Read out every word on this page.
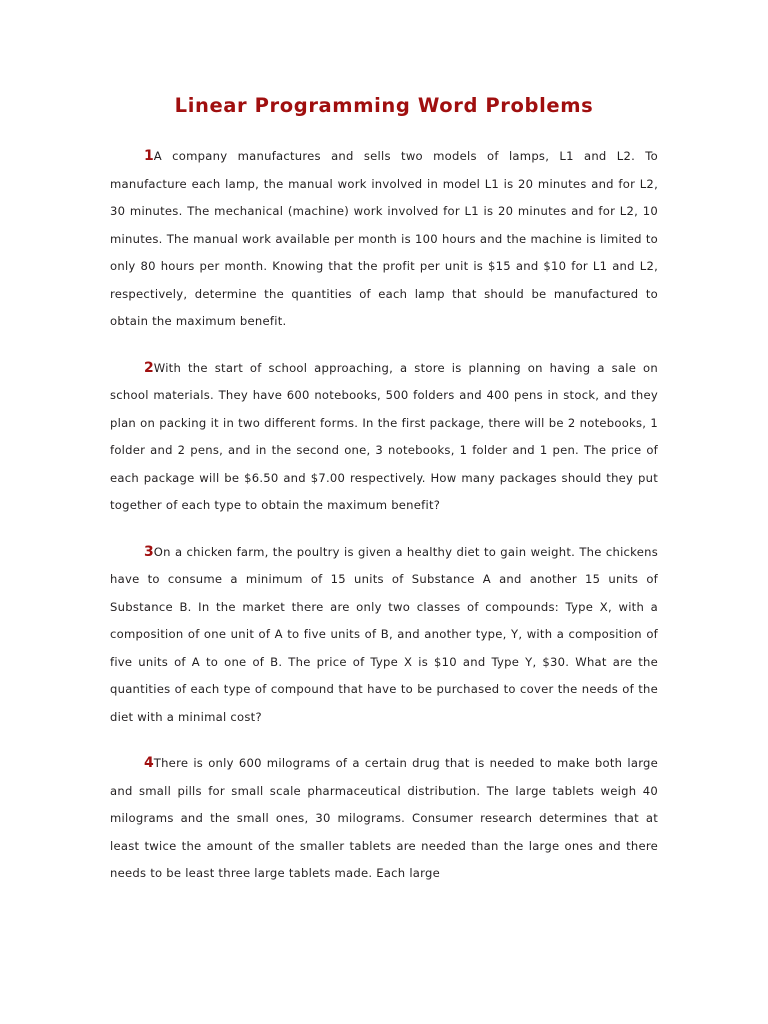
Linear Programming Word Problems

1A company manufactures and sells two models of lamps, L1 and L2. To manufacture each lamp, the manual work involved in model L1 is 20 minutes and for L2, 30 minutes. The mechanical (machine) work involved for L1 is 20 minutes and for L2, 10 minutes. The manual work available per month is 100 hours and the machine is limited to only 80 hours per month. Knowing that the profit per unit is $15 and $10 for L1 and L2, respectively, determine the quantities of each lamp that should be manufactured to obtain the maximum benefit.

2With the start of school approaching, a store is planning on having a sale on school materials. They have 600 notebooks, 500 folders and 400 pens in stock, and they plan on packing it in two different forms. In the first package, there will be 2 notebooks, 1 folder and 2 pens, and in the second one, 3 notebooks, 1 folder and 1 pen. The price of each package will be $6.50 and $7.00 respectively. How many packages should they put together of each type to obtain the maximum benefit?

3On a chicken farm, the poultry is given a healthy diet to gain weight. The chickens have to consume a minimum of 15 units of Substance A and another 15 units of Substance B. In the market there are only two classes of compounds: Type X, with a composition of one unit of A to five units of B, and another type, Y, with a composition of five units of A to one of B. The price of Type X is $10 and Type Y, $30. What are the quantities of each type of compound that have to be purchased to cover the needs of the diet with a minimal cost?

4There is only 600 milograms of a certain drug that is needed to make both large and small pills for small scale pharmaceutical distribution. The large tablets weigh 40 milograms and the small ones, 30 milograms. Consumer research determines that at least twice the amount of the smaller tablets are needed than the large ones and there needs to be least three large tablets made. Each large
